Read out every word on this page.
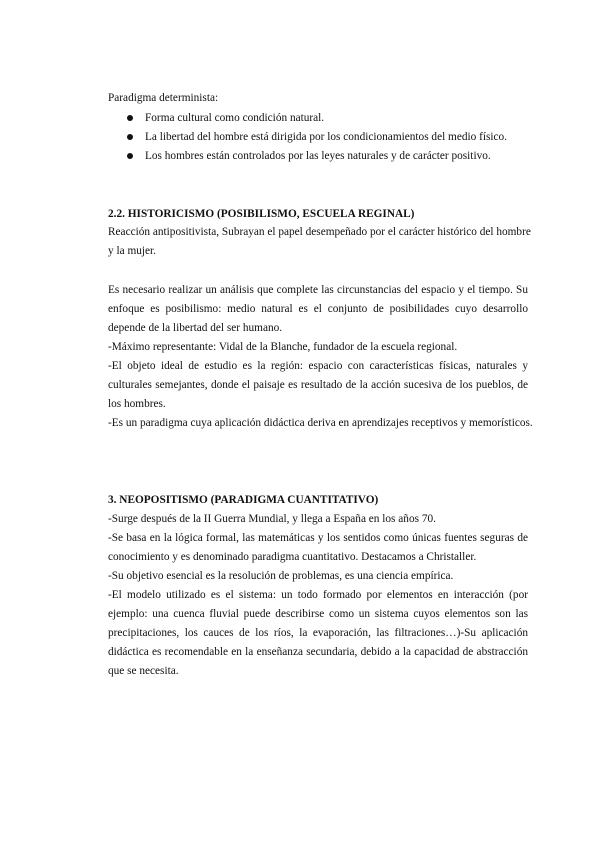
Paradigma determinista:
Forma cultural como condición natural.
La libertad del hombre está dirigida por los condicionamientos del medio físico.
Los hombres están controlados por las leyes naturales y de carácter positivo.
2.2. HISTORICISMO (POSIBILISMO, ESCUELA REGINAL)
Reacción antipositivista, Subrayan el papel desempeñado por el carácter histórico del hombre
y la mujer.
Es necesario realizar un análisis que complete las circunstancias del espacio y el tiempo. Su
enfoque es posibilismo: medio natural es el conjunto de posibilidades cuyo desarrollo
depende de la libertad del ser humano.
-Máximo representante: Vidal de la Blanche, fundador de la escuela regional.
-El objeto ideal de estudio es la región: espacio con características físicas, naturales y
culturales semejantes, donde el paisaje es resultado de la acción sucesiva de los pueblos, de
los hombres.
-Es un paradigma cuya aplicación didáctica deriva en aprendizajes receptivos y memorísticos.
3. NEOPOSITISMO (PARADIGMA CUANTITATIVO)
-Surge después de la II Guerra Mundial, y llega a España en los años 70.
-Se basa en la lógica formal, las matemáticas y los sentidos como únicas fuentes seguras de
conocimiento y es denominado paradigma cuantitativo. Destacamos a Christaller.
-Su objetivo esencial es la resolución de problemas, es una ciencia empírica.
-El modelo utilizado es el sistema: un todo formado por elementos en interacción (por
ejemplo: una cuenca fluvial puede describirse como un sistema cuyos elementos son las
precipitaciones, los cauces de los ríos, la evaporación, las filtraciones…)-Su aplicación
didáctica es recomendable en la enseñanza secundaria, debido a la capacidad de abstracción
que se necesita.
